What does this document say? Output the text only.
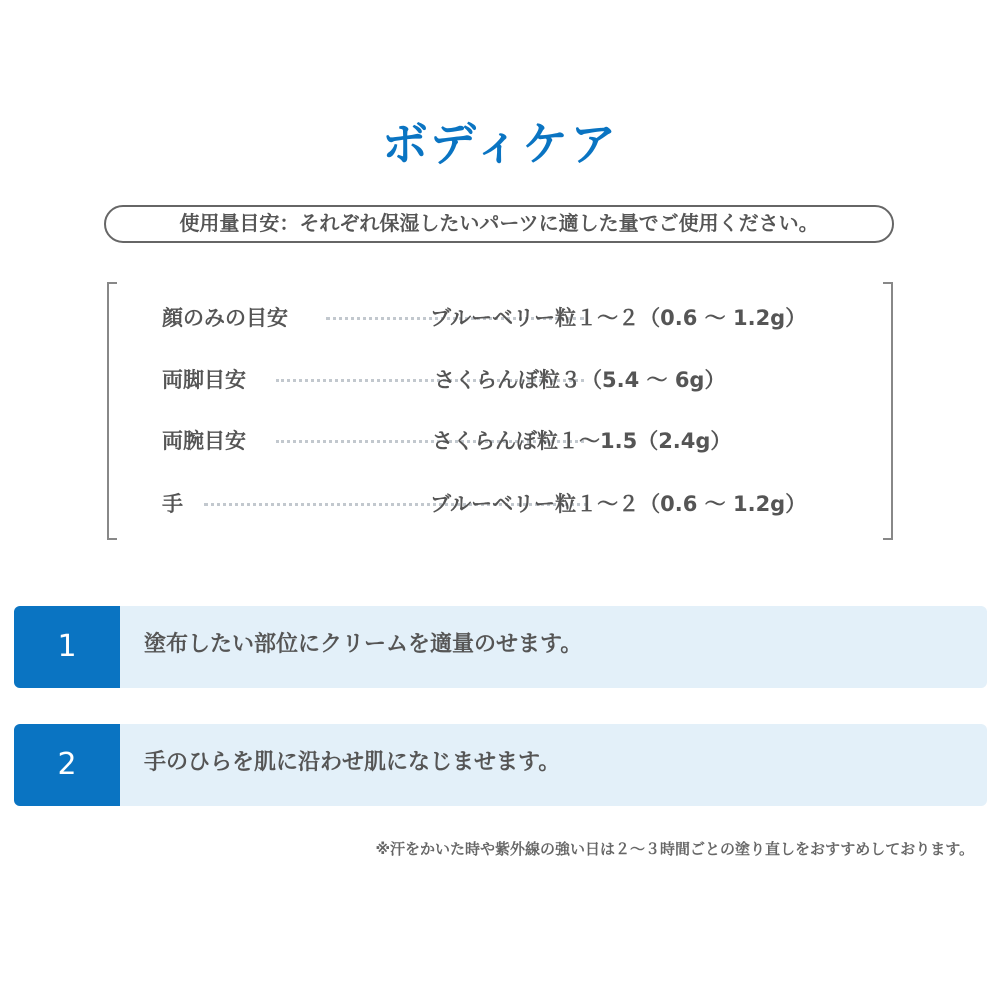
ボディケア
使用量目安：それぞれ保湿したいパーツに適した量でご使用ください。
顔のみの目安	ブルーベリー粒１〜２（0.6 〜 1.2g）
両脚目安	さくらんぼ粒３（5.4 〜 6g）
両腕目安	さくらんぼ粒１〜1.5（2.4g）
手	ブルーベリー粒１〜２（0.6 〜 1.2g）
1	塗布したい部位にクリームを適量のせます。
2	手のひらを肌に沿わせ肌になじませます。
※汗をかいた時や紫外線の強い日は２〜３時間ごとの塗り直しをおすすめしております。
